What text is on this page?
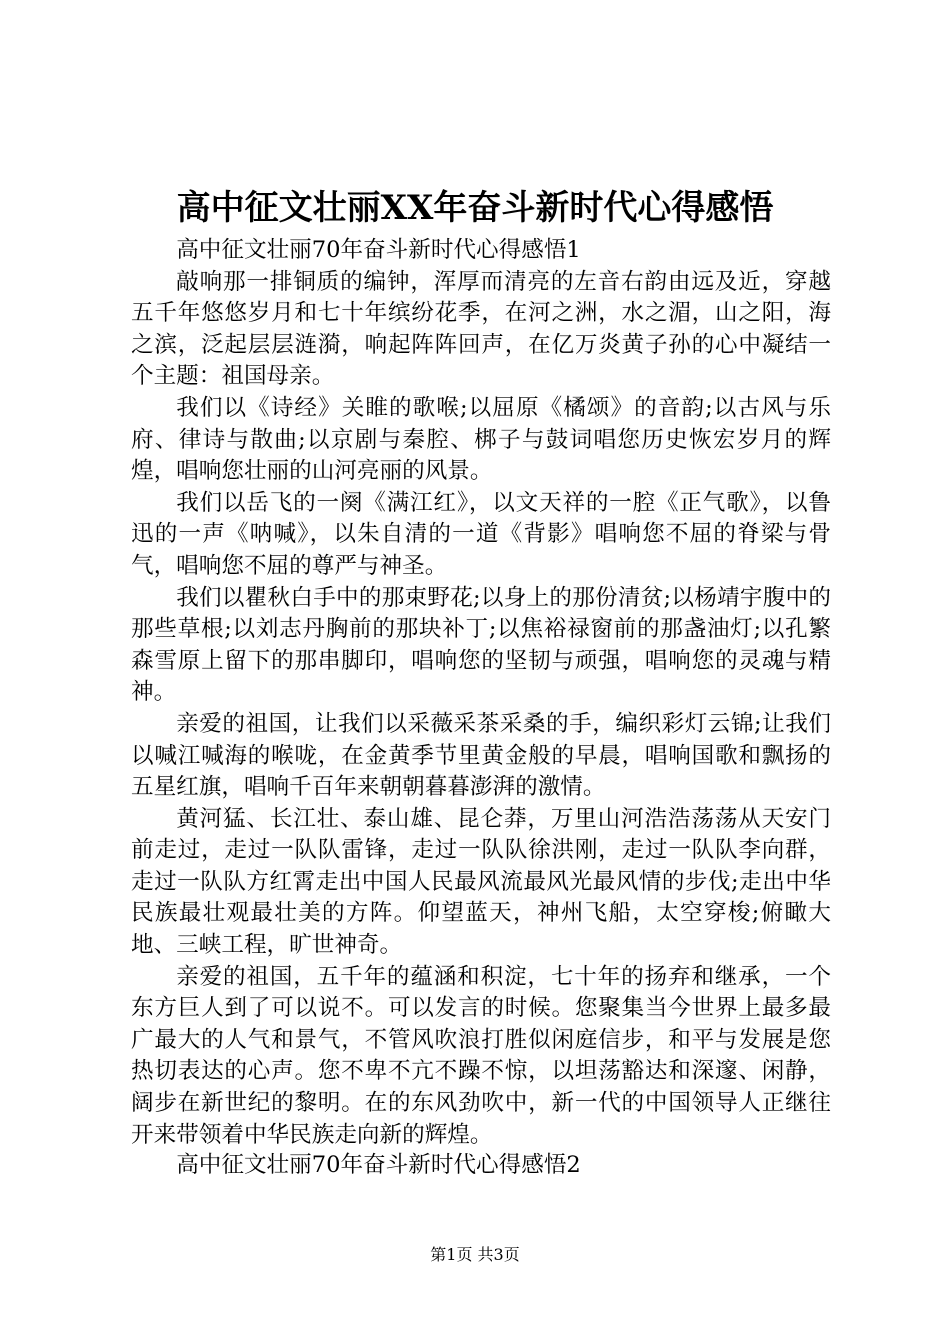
高中征文壮丽XX年奋斗新时代心得感悟

高中征文壮丽70年奋斗新时代心得感悟1

敲响那一排铜质的编钟，浑厚而清亮的左音右韵由远及近，穿越五千年悠悠岁月和七十年缤纷花季，在河之洲，水之湄，山之阳，海之滨，泛起层层涟漪，响起阵阵回声，在亿万炎黄子孙的心中凝结一个主题：祖国母亲。

我们以《诗经》关睢的歌喉;以屈原《橘颂》的音韵;以古风与乐府、律诗与散曲;以京剧与秦腔、梆子与鼓词唱您历史恢宏岁月的辉煌，唱响您壮丽的山河亮丽的风景。

我们以岳飞的一阕《满江红》，以文天祥的一腔《正气歌》，以鲁迅的一声《呐喊》，以朱自清的一道《背影》唱响您不屈的脊梁与骨气，唱响您不屈的尊严与神圣。

我们以瞿秋白手中的那束野花;以身上的那份清贫;以杨靖宇腹中的那些草根;以刘志丹胸前的那块补丁;以焦裕禄窗前的那盏油灯;以孔繁森雪原上留下的那串脚印，唱响您的坚韧与顽强，唱响您的灵魂与精神。

亲爱的祖国，让我们以采薇采茶采桑的手，编织彩灯云锦;让我们以喊江喊海的喉咙，在金黄季节里黄金般的早晨，唱响国歌和飘扬的五星红旗，唱响千百年来朝朝暮暮澎湃的激情。

黄河猛、长江壮、泰山雄、昆仑莽，万里山河浩浩荡荡从天安门前走过，走过一队队雷锋，走过一队队徐洪刚，走过一队队李向群，走过一队队方红霄走出中国人民最风流最风光最风情的步伐;走出中华民族最壮观最壮美的方阵。仰望蓝天，神州飞船，太空穿梭;俯瞰大地、三峡工程，旷世神奇。

亲爱的祖国，五千年的蕴涵和积淀，七十年的扬弃和继承，一个东方巨人到了可以说不。可以发言的时候。您聚集当今世界上最多最广最大的人气和景气，不管风吹浪打胜似闲庭信步，和平与发展是您热切表达的心声。您不卑不亢不躁不惊，以坦荡豁达和深邃、闲静，阔步在新世纪的黎明。在的东风劲吹中，新一代的中国领导人正继往开来带领着中华民族走向新的辉煌。

高中征文壮丽70年奋斗新时代心得感悟2
第1页 共3页
